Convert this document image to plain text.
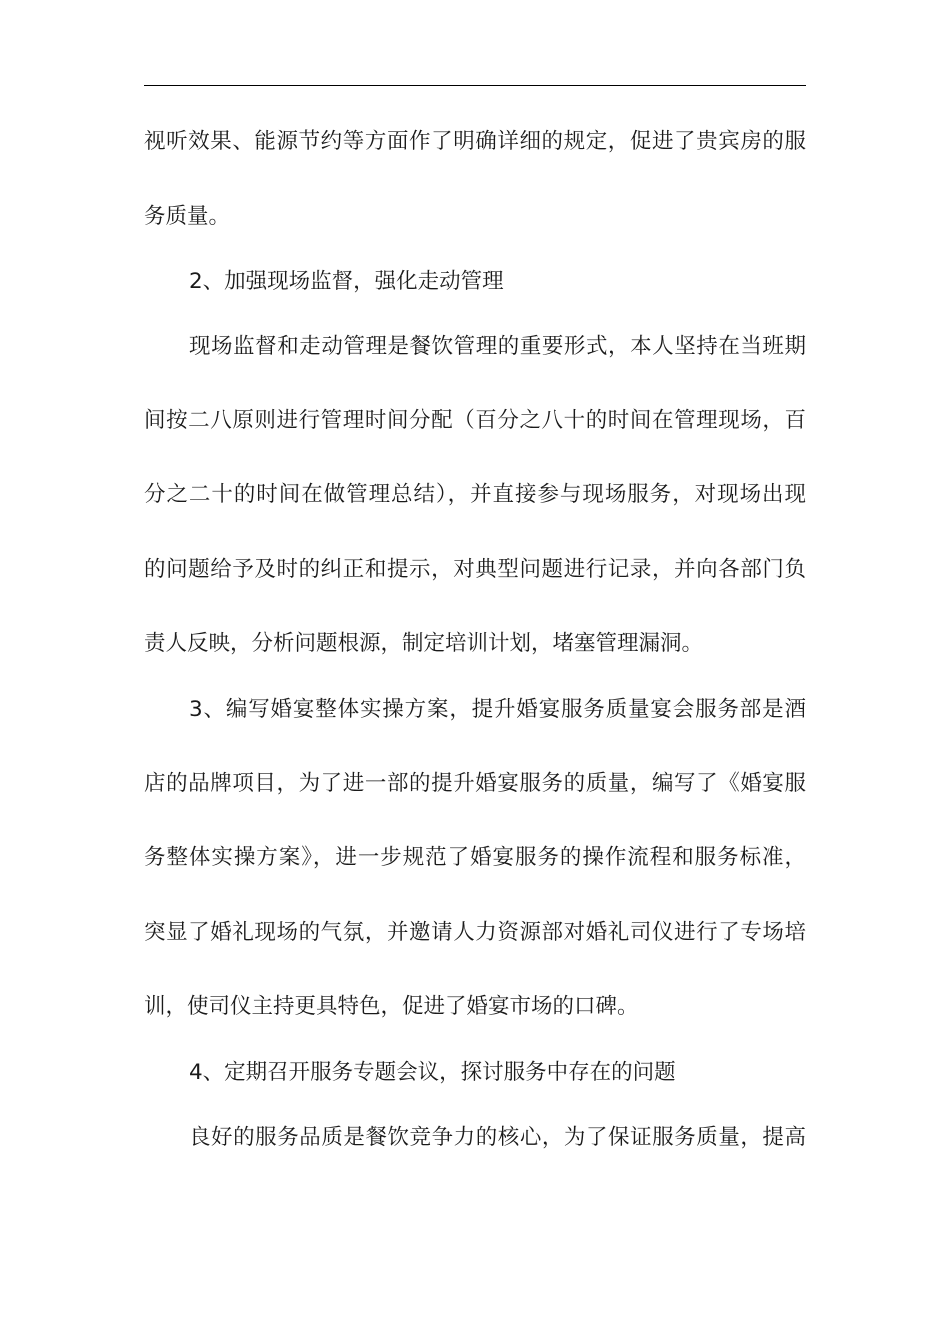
视听效果、能源节约等方面作了明确详细的规定，促进了贵宾房的服
务质量。
2、加强现场监督，强化走动管理
现场监督和走动管理是餐饮管理的重要形式，本人坚持在当班期
间按二八原则进行管理时间分配（百分之八十的时间在管理现场，百
分之二十的时间在做管理总结），并直接参与现场服务，对现场出现
的问题给予及时的纠正和提示，对典型问题进行记录，并向各部门负
责人反映，分析问题根源，制定培训计划，堵塞管理漏洞。
3、编写婚宴整体实操方案，提升婚宴服务质量宴会服务部是酒
店的品牌项目，为了进一部的提升婚宴服务的质量，编写了《婚宴服
务整体实操方案》，进一步规范了婚宴服务的操作流程和服务标准，
突显了婚礼现场的气氛，并邀请人力资源部对婚礼司仪进行了专场培
训，使司仪主持更具特色，促进了婚宴市场的口碑。
4、定期召开服务专题会议，探讨服务中存在的问题
良好的服务品质是餐饮竞争力的核心，为了保证服务质量，提高
